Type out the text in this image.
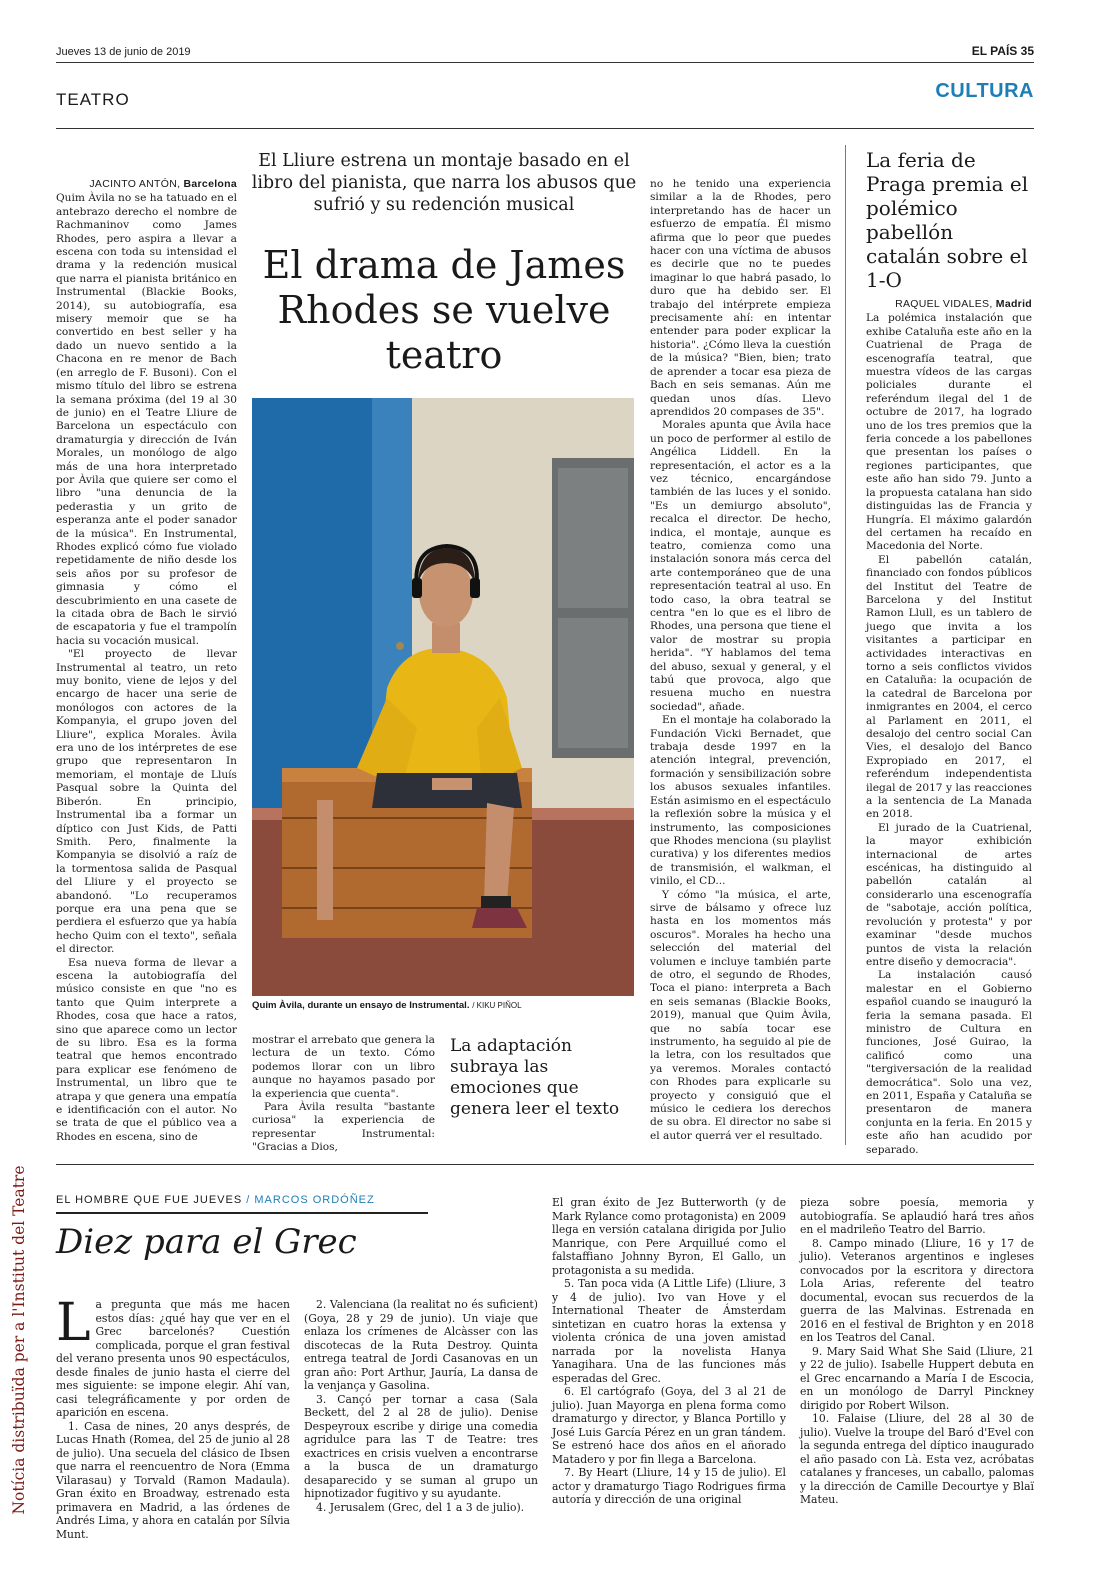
Jueves 13 de junio de 2019	EL PAÍS 35
TEATRO	CULTURA
El Lliure estrena un montaje basado en el libro del pianista, que narra los abusos que sufrió y su redención musical
El drama de James Rhodes se vuelve teatro
JACINTO ANTÓN, Barcelona

Quim Àvila no se ha tatuado en el antebrazo derecho el nombre de Rachmaninov como James Rhodes, pero aspira a llevar a escena con toda su intensidad el drama y la redención musical que narra el pianista británico en Instrumental (Blackie Books, 2014), su autobiografía, esa misery memoir que se ha convertido en best seller y ha dado un nuevo sentido a la Chacona en re menor de Bach (en arreglo de F. Busoni). Con el mismo título del libro se estrena la semana próxima (del 19 al 30 de junio) en el Teatre Lliure de Barcelona un espectáculo con dramaturgia y dirección de Iván Morales, un monólogo de algo más de una hora interpretado por Àvila que quiere ser como el libro "una denuncia de la pederastia y un grito de esperanza ante el poder sanador de la música". En Instrumental, Rhodes explicó cómo fue violado repetidamente de niño desde los seis años por su profesor de gimnasia y cómo el descubrimiento en una casete de la citada obra de Bach le sirvió de escapatoria y fue el trampolín hacia su vocación musical.

"El proyecto de llevar Instrumental al teatro, un reto muy bonito, viene de lejos y del encargo de hacer una serie de monólogos con actores de la Kompanyia, el grupo joven del Lliure", explica Morales. Àvila era uno de los intérpretes de ese grupo que representaron In memoriam, el montaje de Lluís Pasqual sobre la Quinta del Biberón. En principio, Instrumental iba a formar un díptico con Just Kids, de Patti Smith. Pero, finalmente la Kompanyia se disolvió a raíz de la tormentosa salida de Pasqual del Lliure y el proyecto se abandonó. "Lo recuperamos porque era una pena que se perdiera el esfuerzo que ya había hecho Quim con el texto", señala el director.

Esa nueva forma de llevar a escena la autobiografía del músico consiste en que "no es tanto que Quim interprete a Rhodes, cosa que hace a ratos, sino que aparece como un lector de su libro. Esa es la forma teatral que hemos encontrado para explicar ese fenómeno de Instrumental, un libro que te atrapa y que genera una empatía e identificación con el autor. No se trata de que el público vea a Rhodes en escena, sino de

Quim Àvila, durante un ensayo de Instrumental. / KIKU PIÑOL

mostrar el arrebato que genera la lectura de un texto. Cómo podemos llorar con un libro aunque no hayamos pasado por la experiencia que cuenta".

Para Àvila resulta "bastante curiosa" la experiencia de representar Instrumental: "Gracias a Dios,

La adaptación subraya las emociones que genera leer el texto

no he tenido una experiencia similar a la de Rhodes, pero interpretando has de hacer un esfuerzo de empatía. Él mismo afirma que lo peor que puedes hacer con una víctima de abusos es decirle que no te puedes imaginar lo que habrá pasado, lo duro que ha debido ser. El trabajo del intérprete empieza precisamente ahí: en intentar entender para poder explicar la historia". ¿Cómo lleva la cuestión de la música? "Bien, bien; trato de aprender a tocar esa pieza de Bach en seis semanas. Aún me quedan unos días. Llevo aprendidos 20 compases de 35".

Morales apunta que Àvila hace un poco de performer al estilo de Angélica Liddell. En la representación, el actor es a la vez técnico, encargándose también de las luces y el sonido. "Es un demiurgo absoluto", recalca el director. De hecho, indica, el montaje, aunque es teatro, comienza como una instalación sonora más cerca del arte contemporáneo que de una representación teatral al uso. En todo caso, la obra teatral se centra "en lo que es el libro de Rhodes, una persona que tiene el valor de mostrar su propia herida". "Y hablamos del tema del abuso, sexual y general, y el tabú que provoca, algo que resuena mucho en nuestra sociedad", añade.

En el montaje ha colaborado la Fundación Vicki Bernadet, que trabaja desde 1997 en la atención integral, prevención, formación y sensibilización sobre los abusos sexuales infantiles. Están asimismo en el espectáculo la reflexión sobre la música y el instrumento, las composiciones que Rhodes menciona (su playlist curativa) y los diferentes medios de transmisión, el walkman, el vinilo, el CD...

Y cómo "la música, el arte, sirve de bálsamo y ofrece luz hasta en los momentos más oscuros". Morales ha hecho una selección del material del volumen e incluye también parte de otro, el segundo de Rhodes, Toca el piano: interpreta a Bach en seis semanas (Blackie Books, 2019), manual que Quim Àvila, que no sabía tocar ese instrumento, ha seguido al pie de la letra, con los resultados que ya veremos. Morales contactó con Rhodes para explicarle su proyecto y consiguió que el músico le cediera los derechos de su obra. El director no sabe si el autor querrá ver el resultado.

La feria de Praga premia el polémico pabellón catalán sobre el 1-O
RAQUEL VIDALES, Madrid

La polémica instalación que exhibe Cataluña este año en la Cuatrienal de Praga de escenografía teatral, que muestra vídeos de las cargas policiales durante el referéndum ilegal del 1 de octubre de 2017, ha logrado uno de los tres premios que la feria concede a los pabellones que presentan los países o regiones participantes, que este año han sido 79. Junto a la propuesta catalana han sido distinguidas las de Francia y Hungría. El máximo galardón del certamen ha recaído en Macedonia del Norte.

El pabellón catalán, financiado con fondos públicos del Institut del Teatre de Barcelona y del Institut Ramon Llull, es un tablero de juego que invita a los visitantes a participar en actividades interactivas en torno a seis conflictos vividos en Cataluña: la ocupación de la catedral de Barcelona por inmigrantes en 2004, el cerco al Parlament en 2011, el desalojo del centro social Can Vies, el desalojo del Banco Expropiado en 2017, el referéndum independentista ilegal de 2017 y las reacciones a la sentencia de La Manada en 2018.

El jurado de la Cuatrienal, la mayor exhibición internacional de artes escénicas, ha distinguido al pabellón catalán al considerarlo una escenografía de "sabotaje, acción política, revolución y protesta" y por examinar "desde muchos puntos de vista la relación entre diseño y democracia".

La instalación causó malestar en el Gobierno español cuando se inauguró la feria la semana pasada. El ministro de Cultura en funciones, José Guirao, la calificó como una "tergiversación de la realidad democrática". Solo una vez, en 2011, España y Cataluña se presentaron de manera conjunta en la feria. En 2015 y este año han acudido por separado.

EL HOMBRE QUE FUE JUEVES / MARCOS ORDÓÑEZ
Diez para el Grec

La pregunta que más me hacen estos días: ¿qué hay que ver en el Grec barcelonés? Cuestión complicada, porque el gran festival del verano presenta unos 90 espectáculos, desde finales de junio hasta el cierre del mes siguiente: se impone elegir. Ahí van, casi telegráficamente y por orden de aparición en escena.

1. Casa de nines, 20 anys després, de Lucas Hnath (Romea, del 25 de junio al 28 de julio). Una secuela del clásico de Ibsen que narra el reencuentro de Nora (Emma Vilarasau) y Torvald (Ramon Madaula). Gran éxito en Broadway, estrenado esta primavera en Madrid, a las órdenes de Andrés Lima, y ahora en catalán por Sílvia Munt.

2. Valenciana (la realitat no és suficient) (Goya, 28 y 29 de junio). Un viaje que enlaza los crímenes de Alcàsser con las discotecas de la Ruta Destroy. Quinta entrega teatral de Jordi Casanovas en un gran año: Port Arthur, Jauría, La dansa de la venjança y Gasolina.

3. Cançó per tornar a casa (Sala Beckett, del 2 al 28 de julio). Denise Despeyroux escribe y dirige una comedia agridulce para las T de Teatre: tres exactrices en crisis vuelven a encontrarse a la busca de un dramaturgo desaparecido y se suman al grupo un hipnotizador fugitivo y su ayudante.

4. Jerusalem (Grec, del 1 a 3 de julio).

El gran éxito de Jez Butterworth (y de Mark Rylance como protagonista) en 2009 llega en versión catalana dirigida por Julio Manrique, con Pere Arquillué como el falstaffiano Johnny Byron, El Gallo, un protagonista a su medida.

5. Tan poca vida (A Little Life) (Lliure, 3 y 4 de julio). Ivo van Hove y el International Theater de Ámsterdam sintetizan en cuatro horas la extensa y violenta crónica de una joven amistad narrada por la novelista Hanya Yanagihara. Una de las funciones más esperadas del Grec.

6. El cartógrafo (Goya, del 3 al 21 de julio). Juan Mayorga en plena forma como dramaturgo y director, y Blanca Portillo y José Luis García Pérez en un gran tándem. Se estrenó hace dos años en el añorado Matadero y por fin llega a Barcelona.

7. By Heart (Lliure, 14 y 15 de julio). El actor y dramaturgo Tiago Rodrigues firma autoría y dirección de una original

pieza sobre poesía, memoria y autobiografía. Se aplaudió hará tres años en el madrileño Teatro del Barrio.

8. Campo minado (Lliure, 16 y 17 de julio). Veteranos argentinos e ingleses convocados por la escritora y directora Lola Arias, referente del teatro documental, evocan sus recuerdos de la guerra de las Malvinas. Estrenada en 2016 en el festival de Brighton y en 2018 en los Teatros del Canal.

9. Mary Said What She Said (Lliure, 21 y 22 de julio). Isabelle Huppert debuta en el Grec encarnando a María I de Escocia, en un monólogo de Darryl Pinckney dirigido por Robert Wilson.

10. Falaise (Lliure, del 28 al 30 de julio). Vuelve la troupe del Baró d'Evel con la segunda entrega del díptico inaugurado el año pasado con Là. Esta vez, acróbatas catalanes y franceses, un caballo, palomas y la dirección de Camille Decourtye y Blaï Mateu.

Notícia distribuïda per a l'Institut del Teatre
